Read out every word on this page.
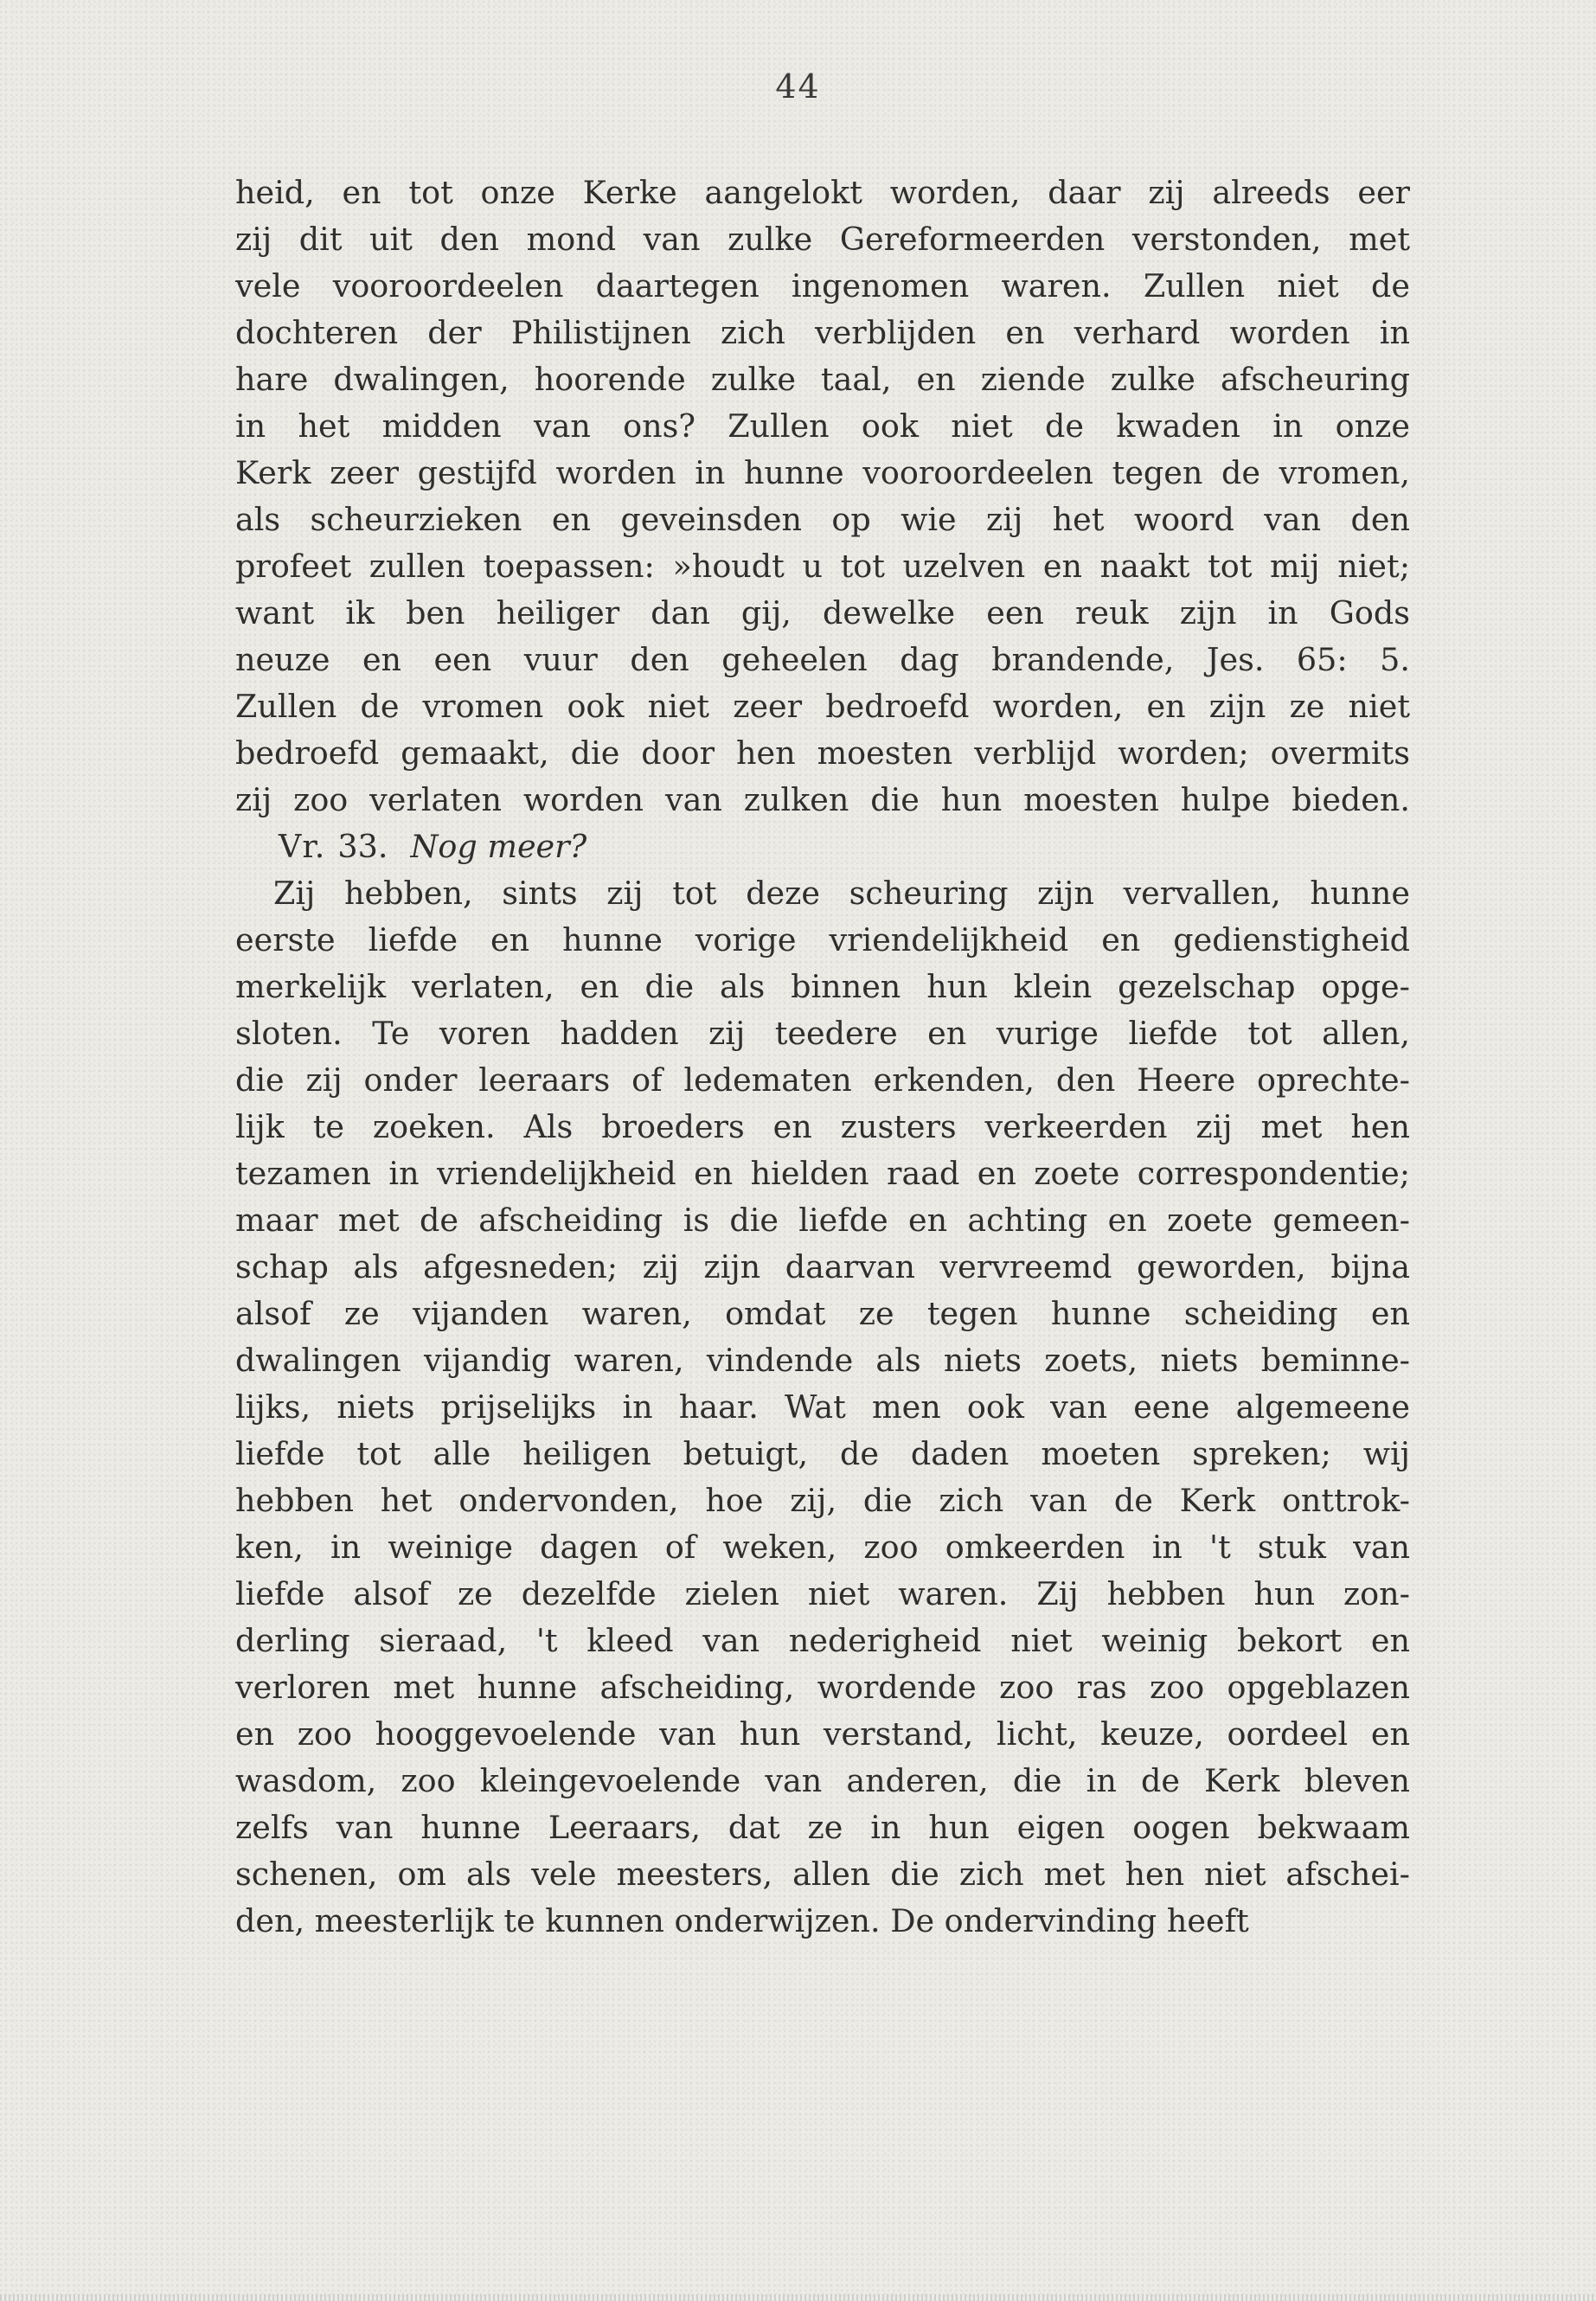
44
heid, en tot onze Kerke aangelokt worden, daar zij alreeds eer
zij dit uit den mond van zulke Gereformeerden verstonden, met
vele vooroordeelen daartegen ingenomen waren. Zullen niet de
dochteren der Philistijnen zich verblijden en verhard worden in
hare dwalingen, hoorende zulke taal, en ziende zulke afscheuring
in het midden van ons? Zullen ook niet de kwaden in onze
Kerk zeer gestijfd worden in hunne vooroordeelen tegen de vromen,
als scheurzieken en geveinsden op wie zij het woord van den
profeet zullen toepassen: »houdt u tot uzelven en naakt tot mij niet;
want ik ben heiliger dan gij, dewelke een reuk zijn in Gods
neuze en een vuur den geheelen dag brandende, Jes. 65: 5.
Zullen de vromen ook niet zeer bedroefd worden, en zijn ze niet
bedroefd gemaakt, die door hen moesten verblijd worden; overmits
zij zoo verlaten worden van zulken die hun moesten hulpe bieden.
Vr. 33. Nog meer?
Zij hebben, sints zij tot deze scheuring zijn vervallen, hunne
eerste liefde en hunne vorige vriendelijkheid en gedienstigheid
merkelijk verlaten, en die als binnen hun klein gezelschap opge-
sloten. Te voren hadden zij teedere en vurige liefde tot allen,
die zij onder leeraars of ledematen erkenden, den Heere oprechte-
lijk te zoeken. Als broeders en zusters verkeerden zij met hen
tezamen in vriendelijkheid en hielden raad en zoete correspondentie;
maar met de afscheiding is die liefde en achting en zoete gemeen-
schap als afgesneden; zij zijn daarvan vervreemd geworden, bijna
alsof ze vijanden waren, omdat ze tegen hunne scheiding en
dwalingen vijandig waren, vindende als niets zoets, niets beminne-
lijks, niets prijselijks in haar. Wat men ook van eene algemeene
liefde tot alle heiligen betuigt, de daden moeten spreken; wij
hebben het ondervonden, hoe zij, die zich van de Kerk onttrok-
ken, in weinige dagen of weken, zoo omkeerden in 't stuk van
liefde alsof ze dezelfde zielen niet waren. Zij hebben hun zon-
derling sieraad, 't kleed van nederigheid niet weinig bekort en
verloren met hunne afscheiding, wordende zoo ras zoo opgeblazen
en zoo hooggevoelende van hun verstand, licht, keuze, oordeel en
wasdom, zoo kleingevoelende van anderen, die in de Kerk bleven
zelfs van hunne Leeraars, dat ze in hun eigen oogen bekwaam
schenen, om als vele meesters, allen die zich met hen niet afschei-
den, meesterlijk te kunnen onderwijzen. De ondervinding heeft
